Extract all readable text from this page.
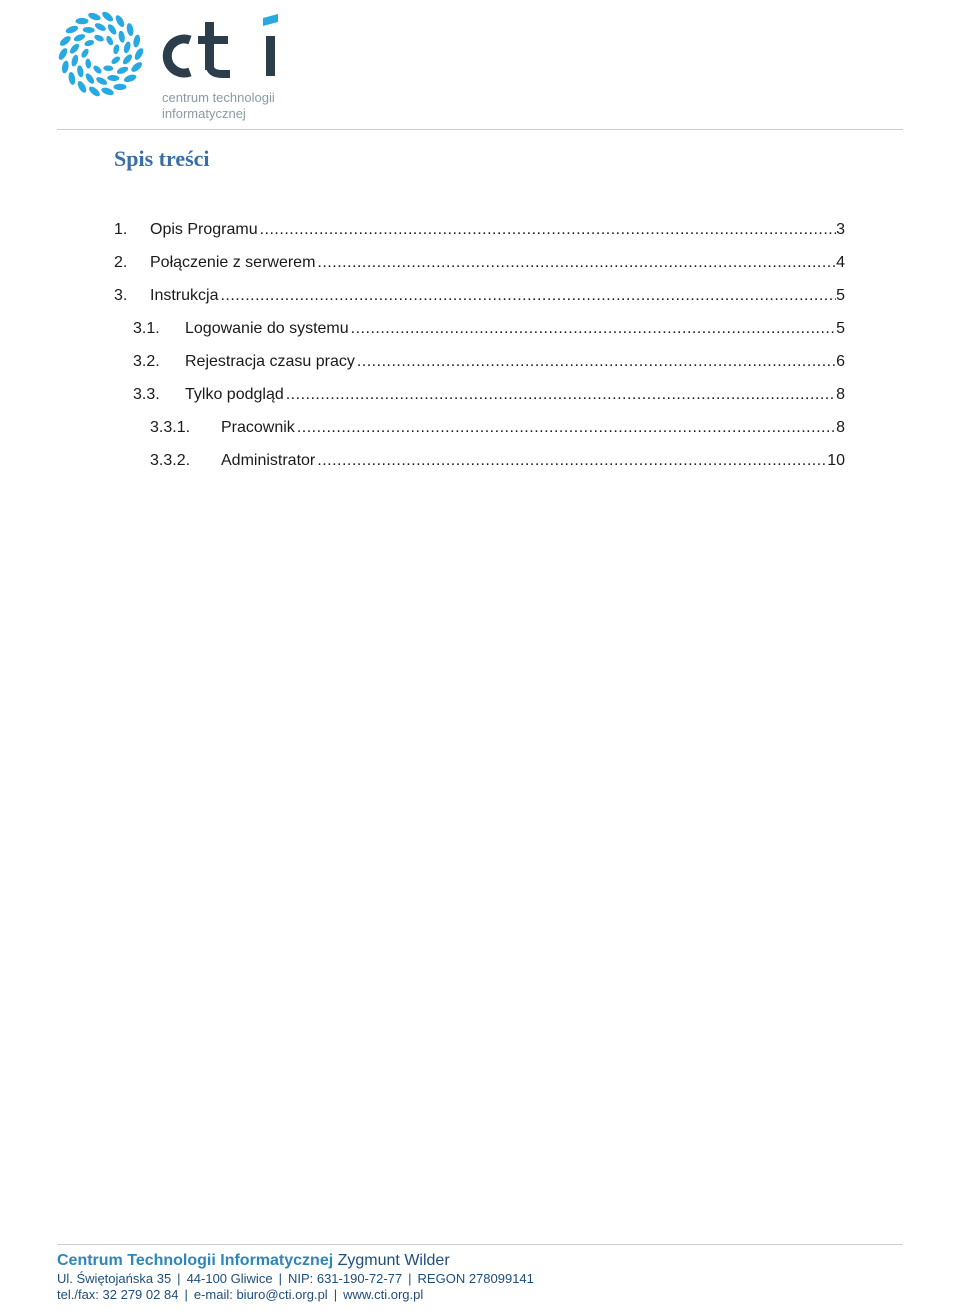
centrum technologii
informatycznej
Spis treści
1.	Opis Programu .....	3
2.	Połączenie z serwerem .....	4
3.	Instrukcja .....	5
3.1.	Logowanie do systemu .....	5
3.2.	Rejestracja czasu pracy .....	6
3.3.	Tylko podgląd .....	8
3.3.1.	Pracownik .....	8
3.3.2.	Administrator .....	10
Centrum Technologii Informatycznej Zygmunt Wilder
Ul. Świętojańska 35 | 44-100 Gliwice | NIP: 631-190-72-77 | REGON 278099141
tel./fax: 32 279 02 84 | e-mail: biuro@cti.org.pl | www.cti.org.pl
